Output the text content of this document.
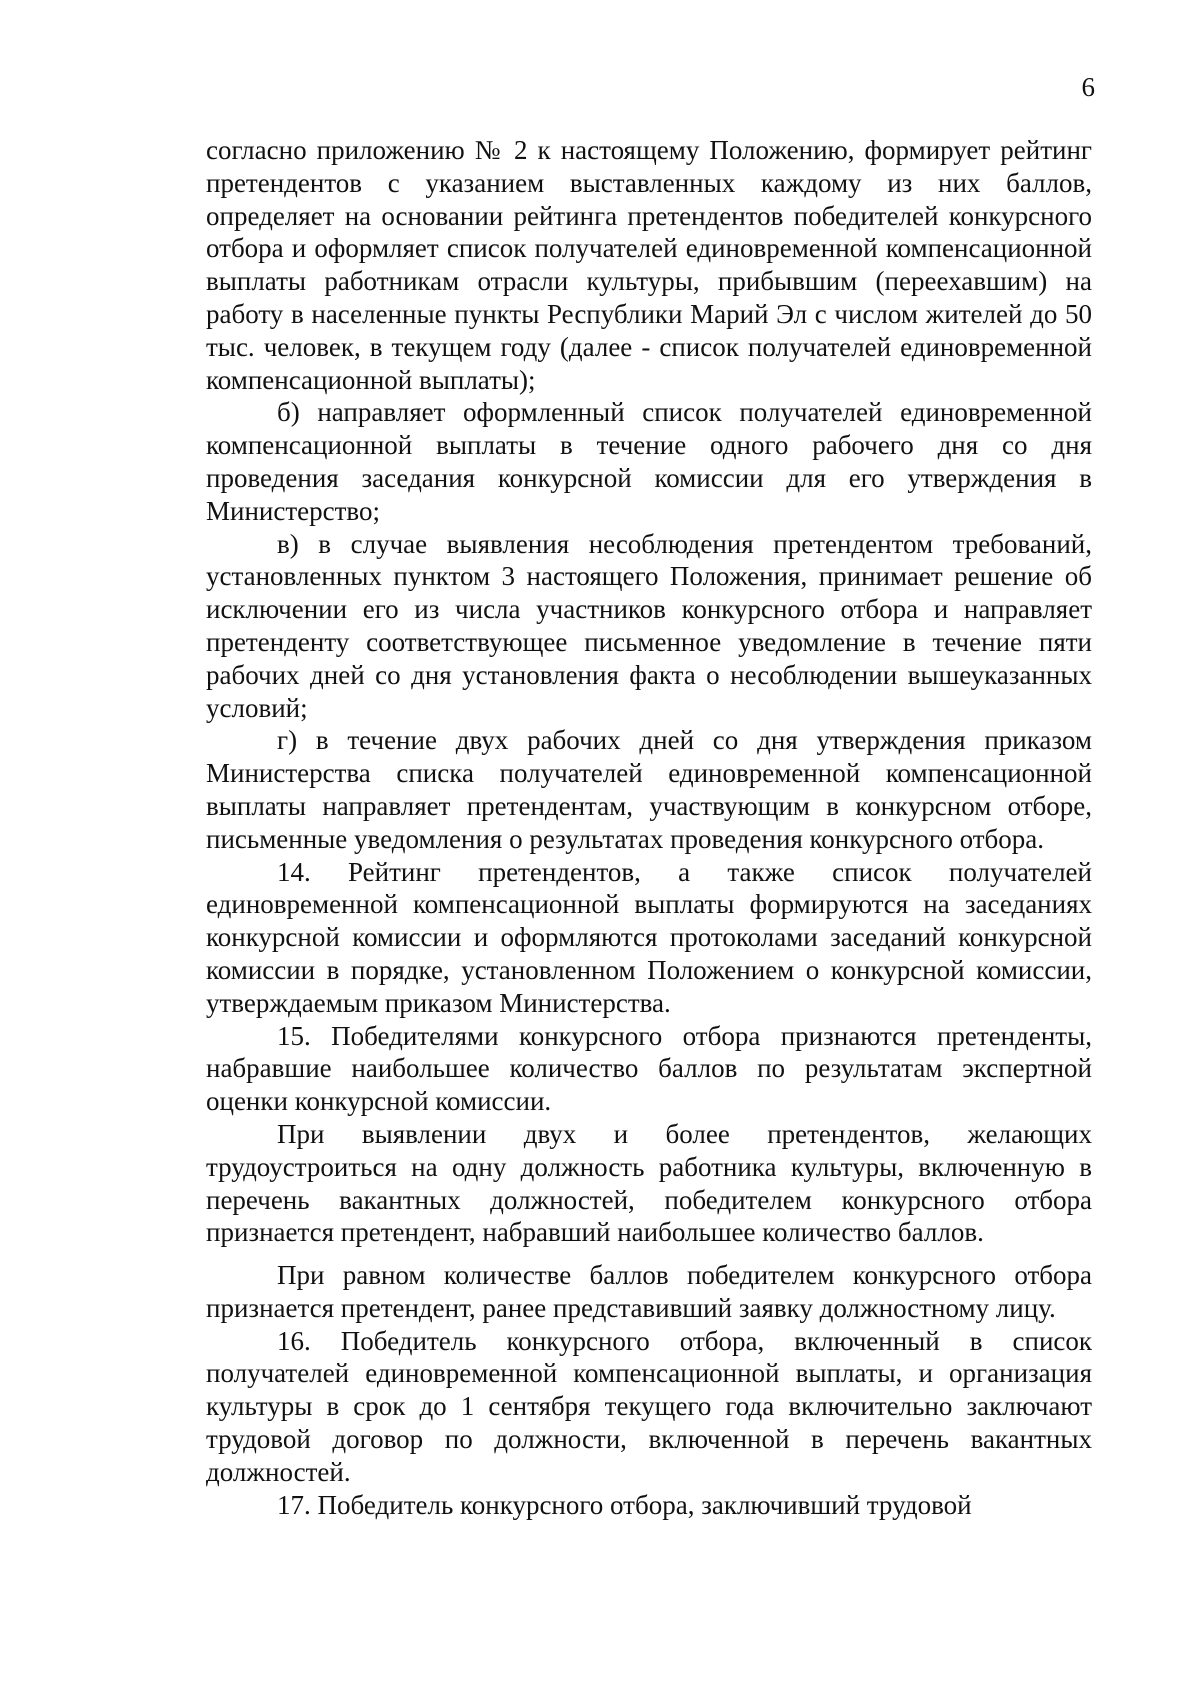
6

согласно приложению № 2 к настоящему Положению, формирует рейтинг претендентов с указанием выставленных каждому из них баллов, определяет на основании рейтинга претендентов победителей конкурсного отбора и оформляет список получателей единовременной компенсационной выплаты работникам отрасли культуры, прибывшим (переехавшим) на работу в населенные пункты Республики Марий Эл с числом жителей до 50 тыс. человек, в текущем году (далее - список получателей единовременной компенсационной выплаты);

б) направляет оформленный список получателей единовременной компенсационной выплаты в течение одного рабочего дня со дня проведения заседания конкурсной комиссии для его утверждения в Министерство;

в) в случае выявления несоблюдения претендентом требований, установленных пунктом 3 настоящего Положения, принимает решение об исключении его из числа участников конкурсного отбора и направляет претенденту соответствующее письменное уведомление в течение пяти рабочих дней со дня установления факта о несоблюдении вышеуказанных условий;

г) в течение двух рабочих дней со дня утверждения приказом Министерства списка получателей единовременной компенсационной выплаты направляет претендентам, участвующим в конкурсном отборе, письменные уведомления о результатах проведения конкурсного отбора.

14. Рейтинг претендентов, а также список получателей единовременной компенсационной выплаты формируются на заседаниях конкурсной комиссии и оформляются протоколами заседаний конкурсной комиссии в порядке, установленном Положением о конкурсной комиссии, утверждаемым приказом Министерства.

15. Победителями конкурсного отбора признаются претенденты, набравшие наибольшее количество баллов по результатам экспертной оценки конкурсной комиссии.

При выявлении двух и более претендентов, желающих трудоустроиться на одну должность работника культуры, включенную в перечень вакантных должностей, победителем конкурсного отбора признается претендент, набравший наибольшее количество баллов.

При равном количестве баллов победителем конкурсного отбора признается претендент, ранее представивший заявку должностному лицу.

16. Победитель конкурсного отбора, включенный в список получателей единовременной компенсационной выплаты, и организация культуры в срок до 1 сентября текущего года включительно заключают трудовой договор по должности, включенной в перечень вакантных должностей.

17. Победитель конкурсного отбора, заключивший трудовой
